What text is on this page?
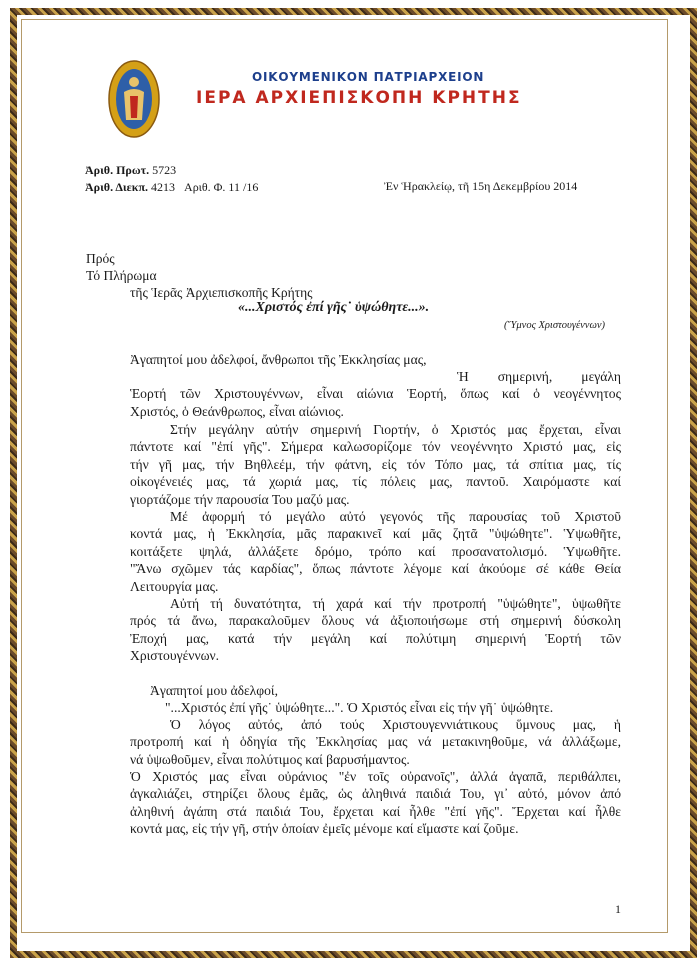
ΟΙΚΟΥΜΕΝΙΚΟΝ ΠΑΤΡΙΑΡΧΕΙΟΝ
ΙΕΡΑ ΑΡΧΙΕΠΙΣΚΟΠΗ ΚΡΗΤΗΣ
Ἀριθ. Πρωτ. 5723
Ἀριθ. Διεκπ. 4213 Αριθ. Φ. 11 /16	Ἐν Ἡρακλείῳ, τῆ 15η Δεκεμβρίου 2014
Πρός
Τό Πλήρωμα
τῆς Ἱερᾶς Ἀρχιεπισκοπῆς Κρήτης
«...Χριστός ἐπί γῆς˙ ὑψώθητε...».
(Ὕμνος Χριστουγέννων)
Ἀγαπητοί μου ἀδελφοί, ἄνθρωποι τῆς Ἐκκλησίας μας,
Ἡ σημερινή, μεγάλη
Ἑορτή τῶν Χριστουγέννων, εἶναι αἰώνια Ἑορτή, ὅπως καί ὁ νεογέννητος
Χριστός, ὁ Θεάνθρωπος, εἶναι αἰώνιος.
Στήν μεγάλην αὐτήν σημερινή Γιορτήν, ὁ Χριστός μας ἔρχεται, εἶναι
πάντοτε καί "ἐπί γῆς". Σήμερα καλωσορίζομε τόν νεογέννητο Χριστό μας, εἰς
τήν γῆ μας, τήν Βηθλεέμ, τήν φάτνη, εἰς τόν Τόπο μας, τά σπίτια μας, τίς
οἰκογένειές μας, τά χωριά μας, τίς πόλεις μας, παντοῦ. Χαιρόμαστε καί
γιορτάζομε τήν παρουσία Του μαζύ μας.
Μέ ἀφορμή τό μεγάλο αὐτό γεγονός τῆς παρουσίας τοῦ Χριστοῦ
κοντά μας, ἡ Ἐκκλησία, μᾶς παρακινεῖ καί μᾶς ζητᾶ "ὑψώθητε". Ὑψωθῆτε,
κοιτάξετε ψηλά, ἀλλάξετε δρόμο, τρόπο καί προσανατολισμό. Ὑψωθῆτε.
"Ἄνω σχῶμεν τάς καρδίας", ὅπως πάντοτε λέγομε καί ἀκούομε σέ κάθε Θεία
Λειτουργία μας.
Αὐτή τή δυνατότητα, τή χαρά καί τήν προτροπή "ὑψώθητε", ὑψωθῆτε
πρός τά ἄνω, παρακαλοῦμεν ὅλους νά ἀξιοποιήσωμε στή σημερινή δύσκολη
Ἐποχή μας, κατά τήν μεγάλη καί πολύτιμη σημερινή Ἑορτή τῶν
Χριστουγέννων.
Ἀγαπητοί μου ἀδελφοί,
"...Χριστός ἐπί γῆς˙ ὑψώθητε...". Ὁ Χριστός εἶναι εἰς τήν γῆ˙ ὑψώθητε.
Ὁ λόγος αὐτός, ἀπό τούς Χριστουγεννιάτικους ὕμνους μας, ἡ
προτροπή καί ἡ ὁδηγία τῆς Ἐκκλησίας μας νά μετακινηθοῦμε, νά ἀλλάξωμε,
νά ὑψωθοῦμεν, εἶναι πολύτιμος καί βαρυσήμαντος.
Ὁ Χριστός μας εἶναι οὐράνιος "ἐν τοῖς οὐρανοῖς", ἀλλά ἀγαπᾶ, περιθάλπει,
ἀγκαλιάζει, στηρίζει ὅλους ἐμᾶς, ὡς ἀληθινά παιδιά Του, γι᾽ αὐτό, μόνον ἀπό
ἀληθινή ἀγάπη στά παιδιά Του, ἔρχεται καί ἦλθε "ἐπί γῆς". Ἔρχεται καί ἦλθε
κοντά μας, εἰς τήν γῆ, στήν ὁποίαν ἐμεῖς μένομε καί εἴμαστε καί ζοῦμε.
1
